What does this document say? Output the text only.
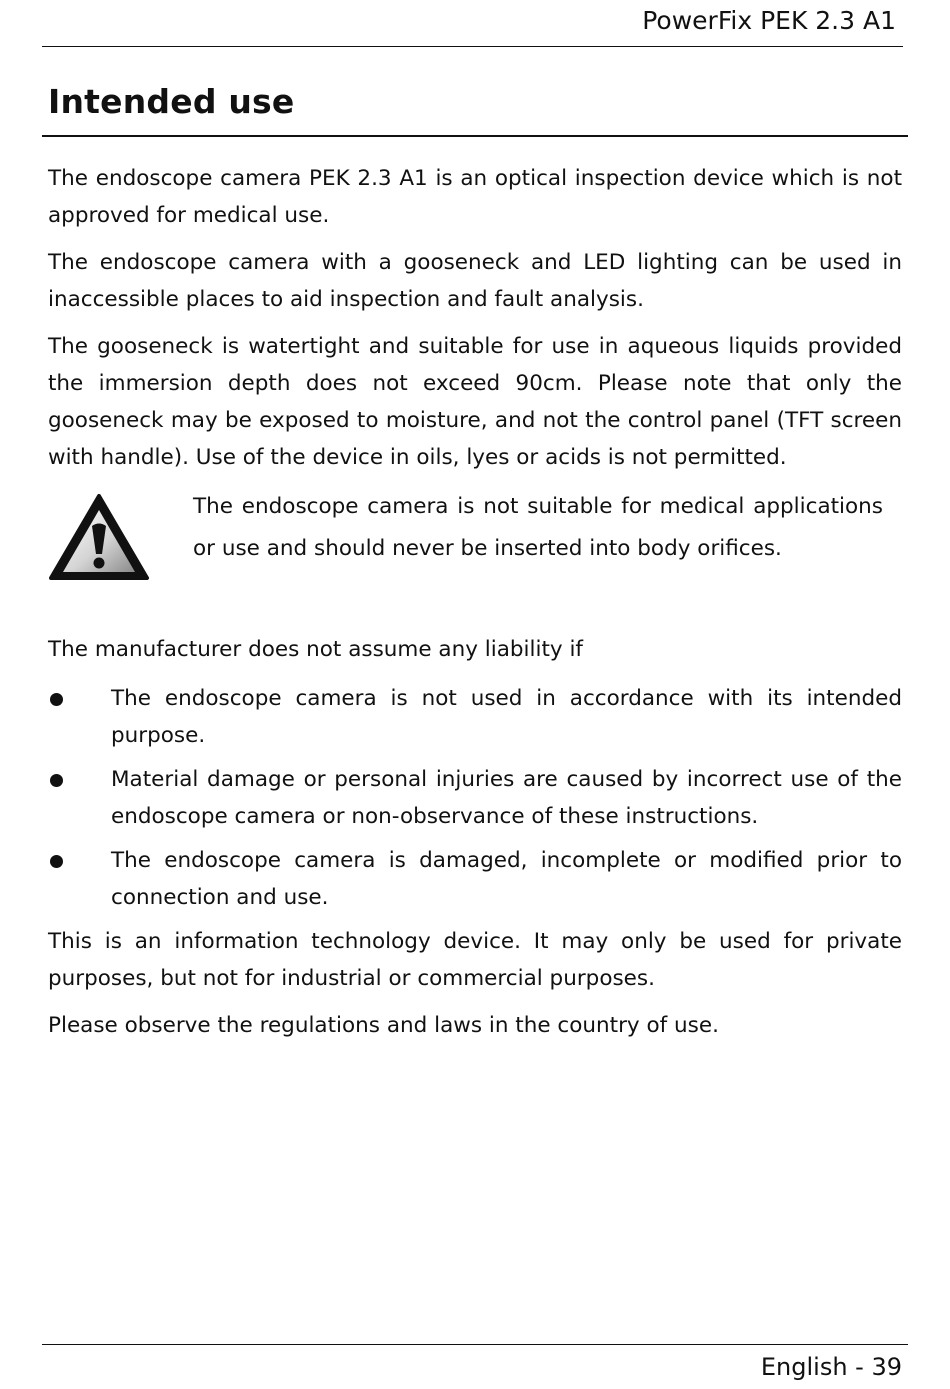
PowerFix PEK 2.3 A1
Intended use

The endoscope camera PEK 2.3 A1 is an optical inspection device which is not approved for medical use.

The endoscope camera with a gooseneck and LED lighting can be used in inaccessible places to aid inspection and fault analysis.

The gooseneck is watertight and suitable for use in aqueous liquids provided the immersion depth does not exceed 90cm. Please note that only the gooseneck may be exposed to moisture, and not the control panel (TFT screen with handle). Use of the device in oils, lyes or acids is not permitted.

The endoscope camera is not suitable for medical applications or use and should never be inserted into body orifices.

The manufacturer does not assume any liability if

The endoscope camera is not used in accordance with its intended purpose.
Material damage or personal injuries are caused by incorrect use of the endoscope camera or non-observance of these instructions.
The endoscope camera is damaged, incomplete or modified prior to connection and use.

This is an information technology device. It may only be used for private purposes, but not for industrial or commercial purposes.

Please observe the regulations and laws in the country of use.

English - 39
